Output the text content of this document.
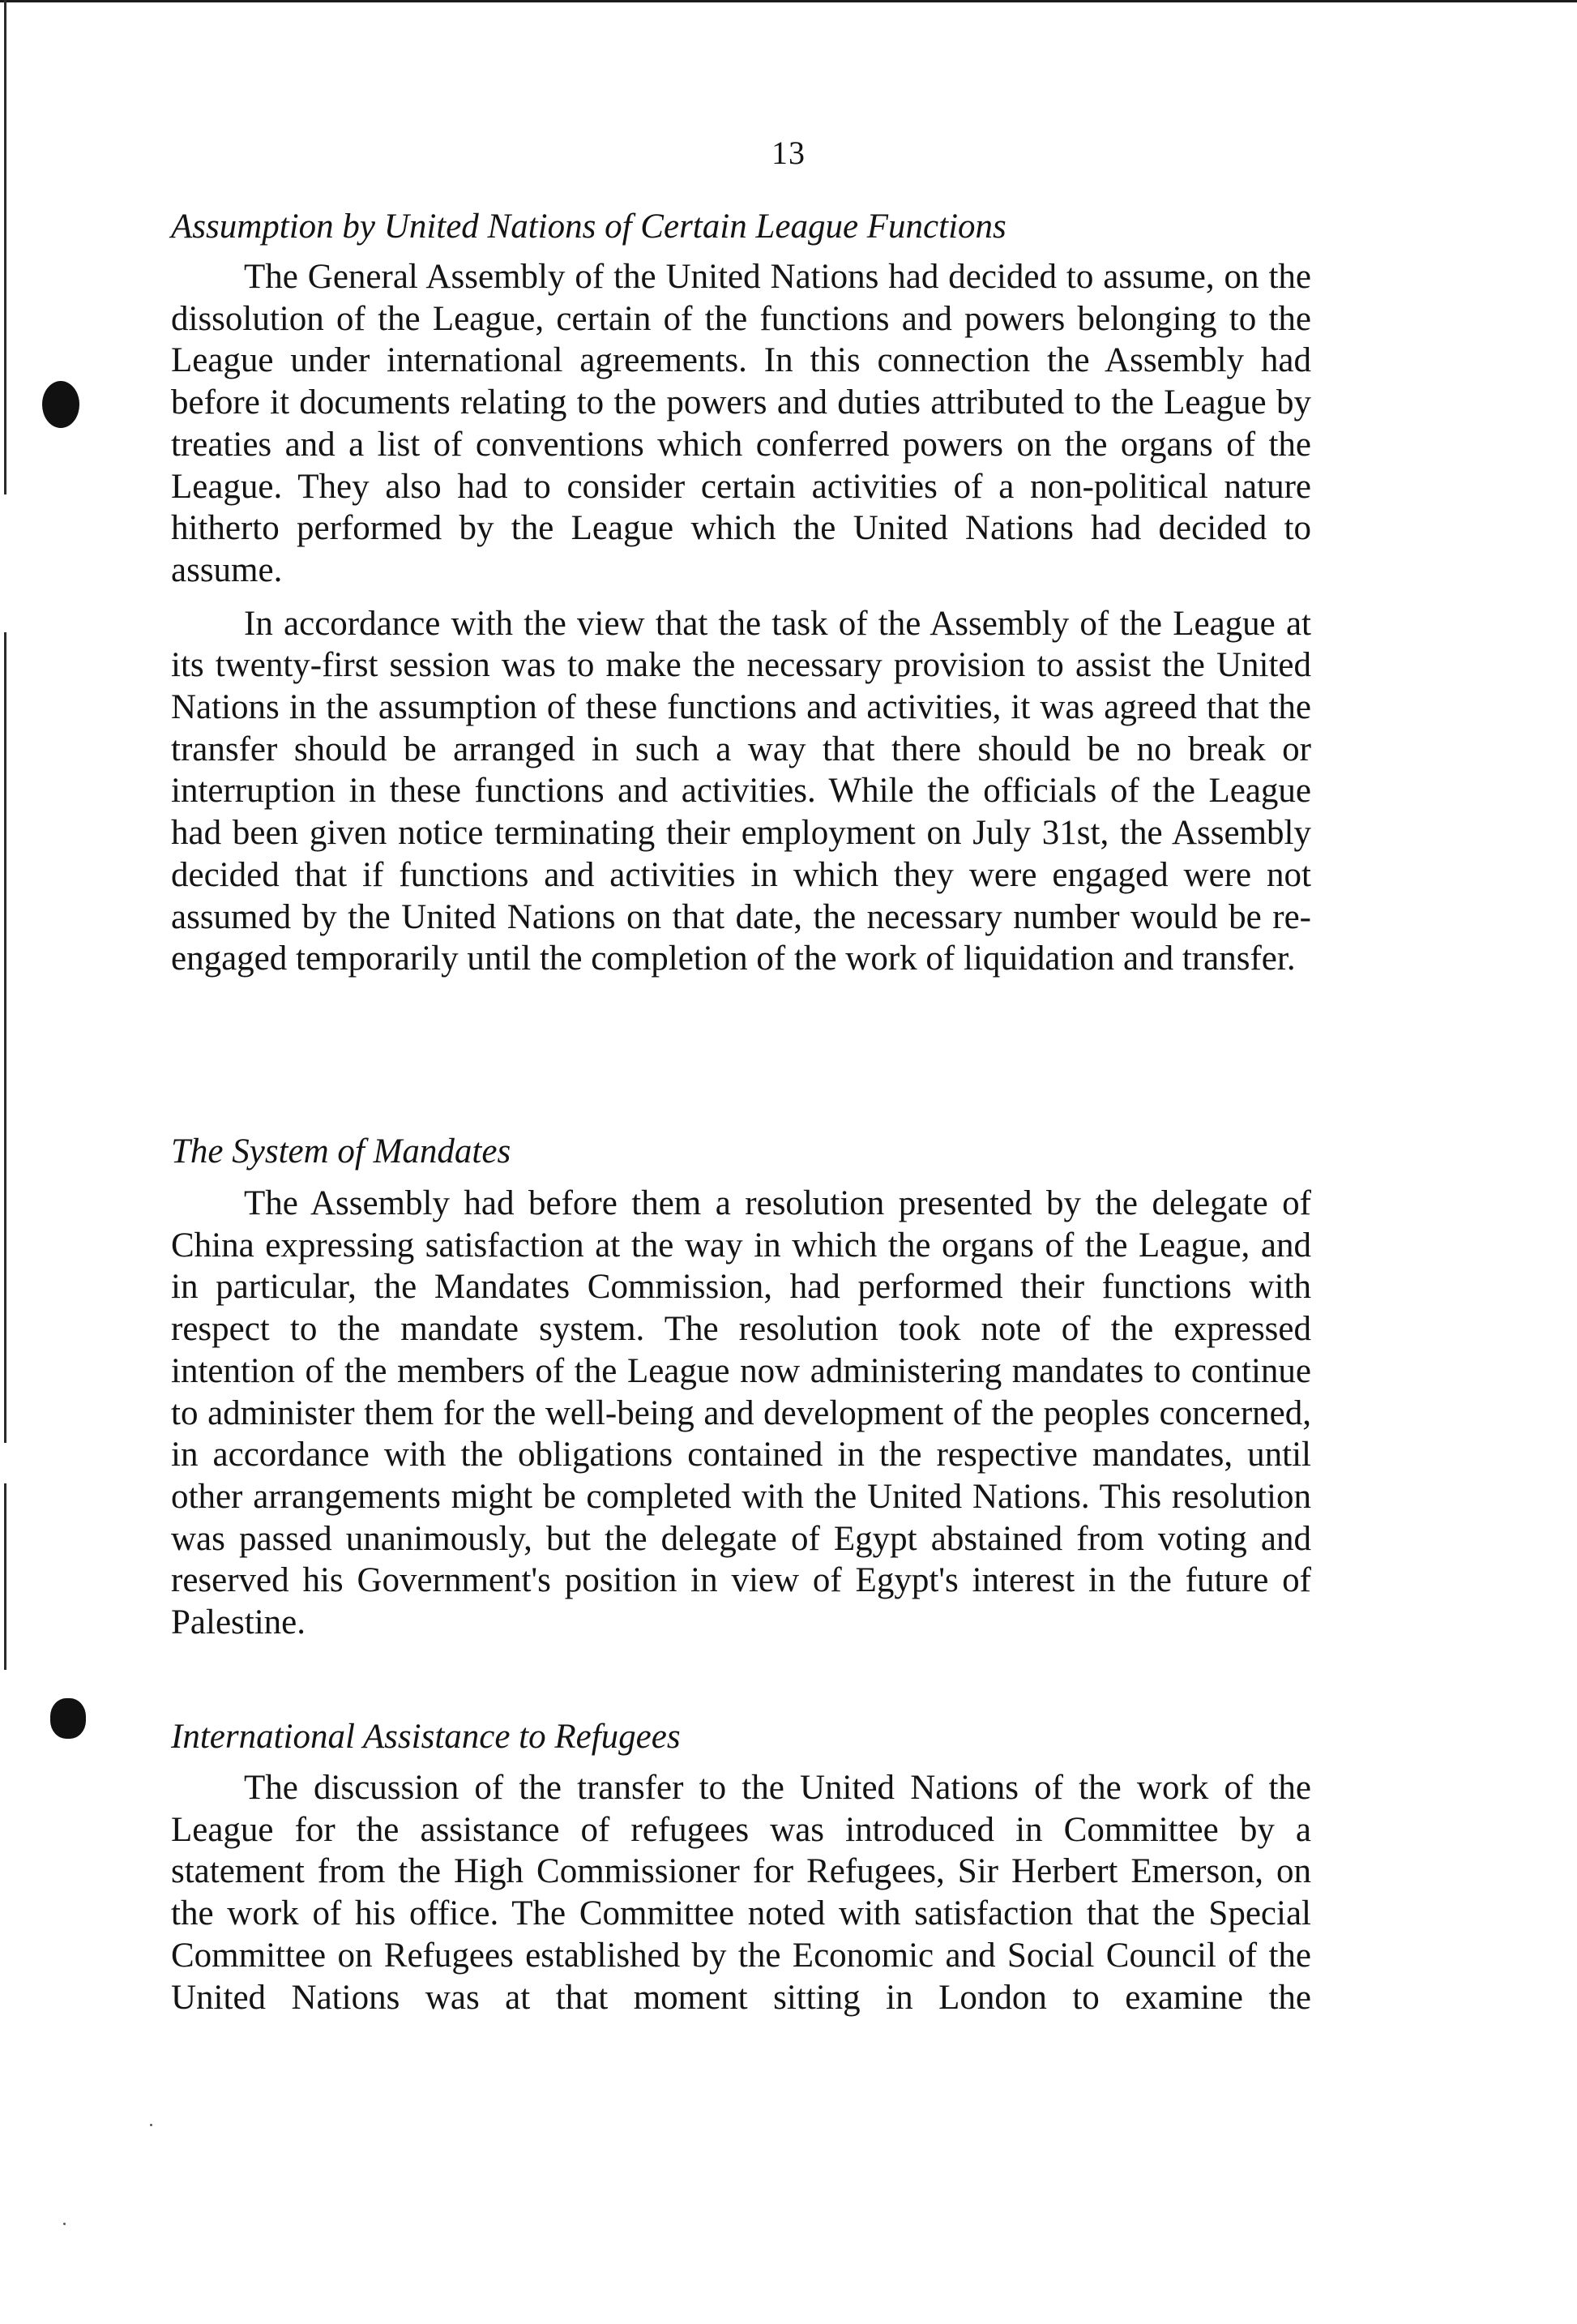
13
Assumption by United Nations of Certain League Functions

The General Assembly of the United Nations had decided to assume, on the dissolution of the League, certain of the functions and powers belonging to the League under international agreements. In this connection the Assembly had before it documents relating to the powers and duties attributed to the League by treaties and a list of conventions which conferred powers on the organs of the League. They also had to consider certain activities of a non-political nature hitherto performed by the League which the United Nations had decided to assume.

In accordance with the view that the task of the Assembly of the League at its twenty-first session was to make the necessary provision to assist the United Nations in the assumption of these functions and activities, it was agreed that the transfer should be arranged in such a way that there should be no break or interruption in these functions and activities. While the officials of the League had been given notice terminating their employment on July 31st, the Assembly decided that if functions and activities in which they were engaged were not assumed by the United Nations on that date, the necessary number would be re-engaged temporarily until the completion of the work of liquidation and transfer.

The System of Mandates

The Assembly had before them a resolution presented by the delegate of China expressing satisfaction at the way in which the organs of the League, and in particular, the Mandates Commission, had performed their functions with respect to the mandate system. The resolution took note of the expressed intention of the members of the League now administering mandates to continue to administer them for the well-being and development of the peoples concerned, in accordance with the obligations contained in the respective mandates, until other arrangements might be completed with the United Nations. This resolution was passed unanimously, but the delegate of Egypt abstained from voting and reserved his Government's position in view of Egypt's interest in the future of Palestine.

International Assistance to Refugees

The discussion of the transfer to the United Nations of the work of the League for the assistance of refugees was introduced in Committee by a statement from the High Commissioner for Refugees, Sir Herbert Emerson, on the work of his office. The Committee noted with satisfaction that the Special Committee on Refugees established by the Economic and Social Council of the United Nations was at that moment sitting in London to examine the
